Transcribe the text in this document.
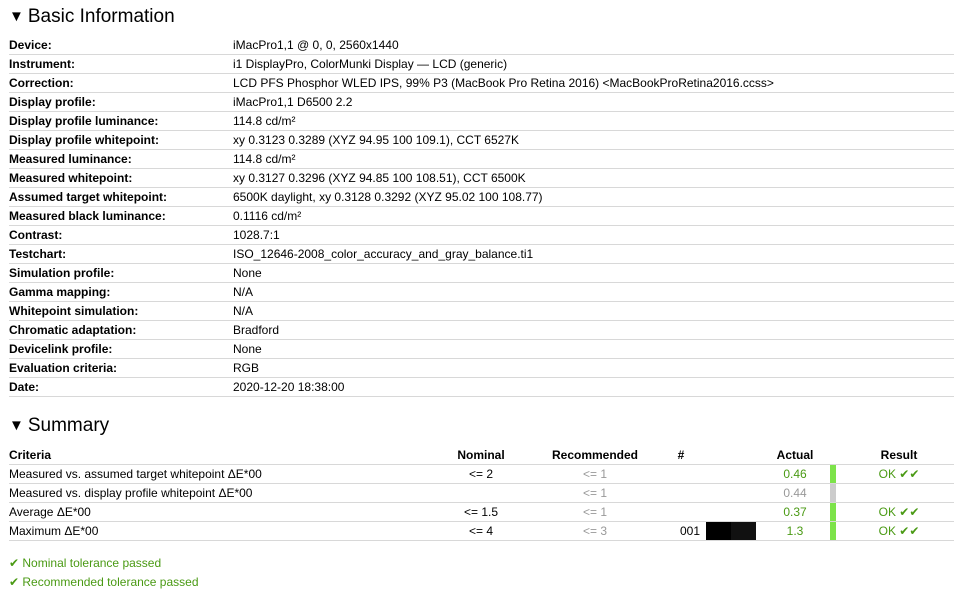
▼ Basic Information
Device:	iMacPro1,1 @ 0, 0, 2560x1440
Instrument:	i1 DisplayPro, ColorMunki Display — LCD (generic)
Correction:	LCD PFS Phosphor WLED IPS, 99% P3 (MacBook Pro Retina 2016) <MacBookProRetina2016.ccss>
Display profile:	iMacPro1,1 D6500 2.2
Display profile luminance:	114.8 cd/m²
Display profile whitepoint:	xy 0.3123 0.3289 (XYZ 94.95 100 109.1), CCT 6527K
Measured luminance:	114.8 cd/m²
Measured whitepoint:	xy 0.3127 0.3296 (XYZ 94.85 100 108.51), CCT 6500K
Assumed target whitepoint:	6500K daylight, xy 0.3128 0.3292 (XYZ 95.02 100 108.77)
Measured black luminance:	0.1116 cd/m²
Contrast:	1028.7:1
Testchart:	ISO_12646-2008_color_accuracy_and_gray_balance.ti1
Simulation profile:	None
Gamma mapping:	N/A
Whitepoint simulation:	N/A
Chromatic adaptation:	Bradford
Devicelink profile:	None
Evaluation criteria:	RGB
Date:	2020-12-20 18:38:00
▼ Summary
Criteria	Nominal	Recommended	#		Actual		Result
Measured vs. assumed target whitepoint ΔE*00	<= 2	<= 1			0.46		OK ✔✔
Measured vs. display profile whitepoint ΔE*00		<= 1			0.44		
Average ΔE*00	<= 1.5	<= 1			0.37		OK ✔✔
Maximum ΔE*00	<= 4	<= 3	001		1.3		OK ✔✔
✔ Nominal tolerance passed
✔ Recommended tolerance passed
